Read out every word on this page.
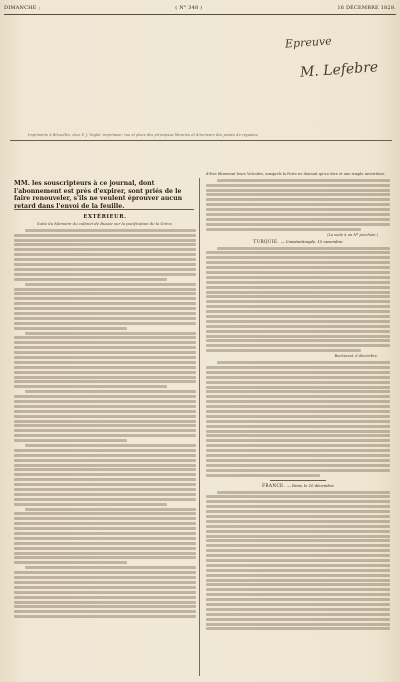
DIMANCHE ;	( N° 348 )	16 DÉCEMBRE 1828.
Epreuve
M. Lefebre
Imprimerie à Bruxelles, chez P. J. Voglet, imprimeur, rue et place des principaux libraires et directeurs des postes du royaume.
MM. les souscripteurs à ce journal, dont l'abonnement est près d'expirer, sont priés de le faire renouveler, s'ils ne veulent éprouver aucun retard dans l'envoi de la feuille.
EXTÉRIEUR.
Suite du Mémoire du cabinet de Russie sur la pacification de la Grèce.
d'être librement leurs Voïvodes, auxquels la Porte ne donnait qu'un titre et une simple investiture.
(La suite à un Nº prochain.)
TURQUIE. — Constantinople, 15 novembre
Bucharest, 8 décembre.
FRANCE. — Paris, le 10 décembre
